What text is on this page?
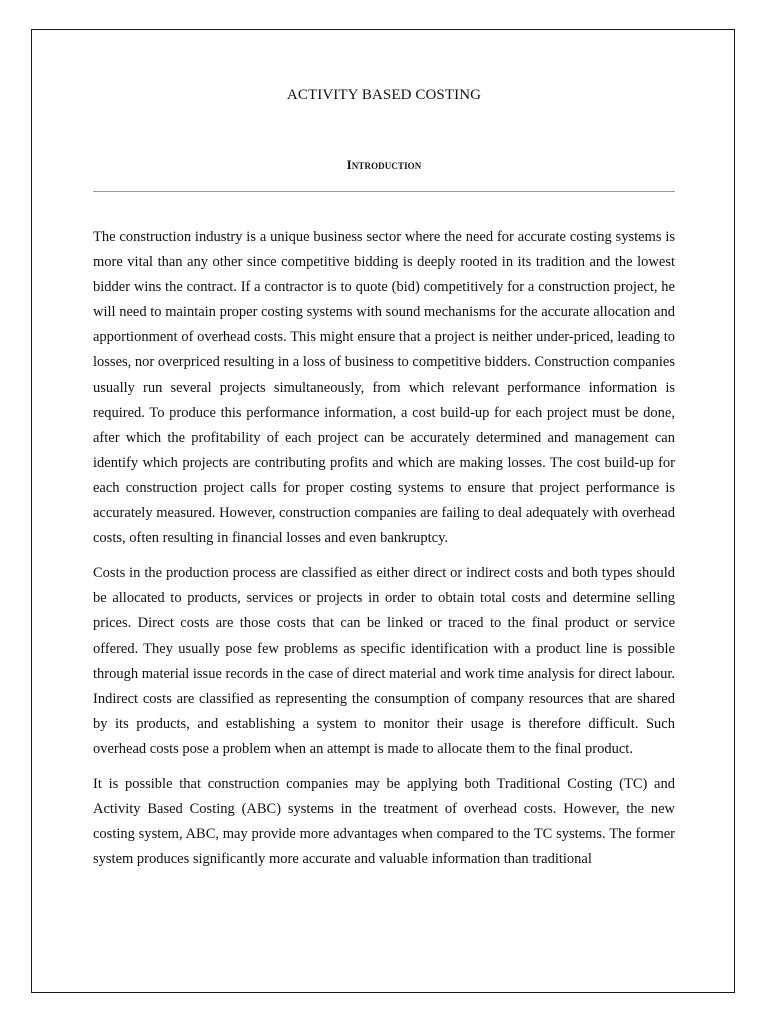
ACTIVITY BASED COSTING
Introduction

The construction industry is a unique business sector where the need for accurate costing systems is more vital than any other since competitive bidding is deeply rooted in its tradition and the lowest bidder wins the contract. If a contractor is to quote (bid) competitively for a construction project, he will need to maintain proper costing systems with sound mechanisms for the accurate allocation and apportionment of overhead costs. This might ensure that a project is neither under-priced, leading to losses, nor overpriced resulting in a loss of business to competitive bidders. Construction companies usually run several projects simultaneously, from which relevant performance information is required. To produce this performance information, a cost build-up for each project must be done, after which the profitability of each project can be accurately determined and management can identify which projects are contributing profits and which are making losses. The cost build-up for each construction project calls for proper costing systems to ensure that project performance is accurately measured. However, construction companies are failing to deal adequately with overhead costs, often resulting in financial losses and even bankruptcy.

Costs in the production process are classified as either direct or indirect costs and both types should be allocated to products, services or projects in order to obtain total costs and determine selling prices. Direct costs are those costs that can be linked or traced to the final product or service offered. They usually pose few problems as specific identification with a product line is possible through material issue records in the case of direct material and work time analysis for direct labour. Indirect costs are classified as representing the consumption of company resources that are shared by its products, and establishing a system to monitor their usage is therefore difficult. Such overhead costs pose a problem when an attempt is made to allocate them to the final product.

It is possible that construction companies may be applying both Traditional Costing (TC) and Activity Based Costing (ABC) systems in the treatment of overhead costs. However, the new costing system, ABC, may provide more advantages when compared to the TC systems. The former system produces significantly more accurate and valuable information than traditional
